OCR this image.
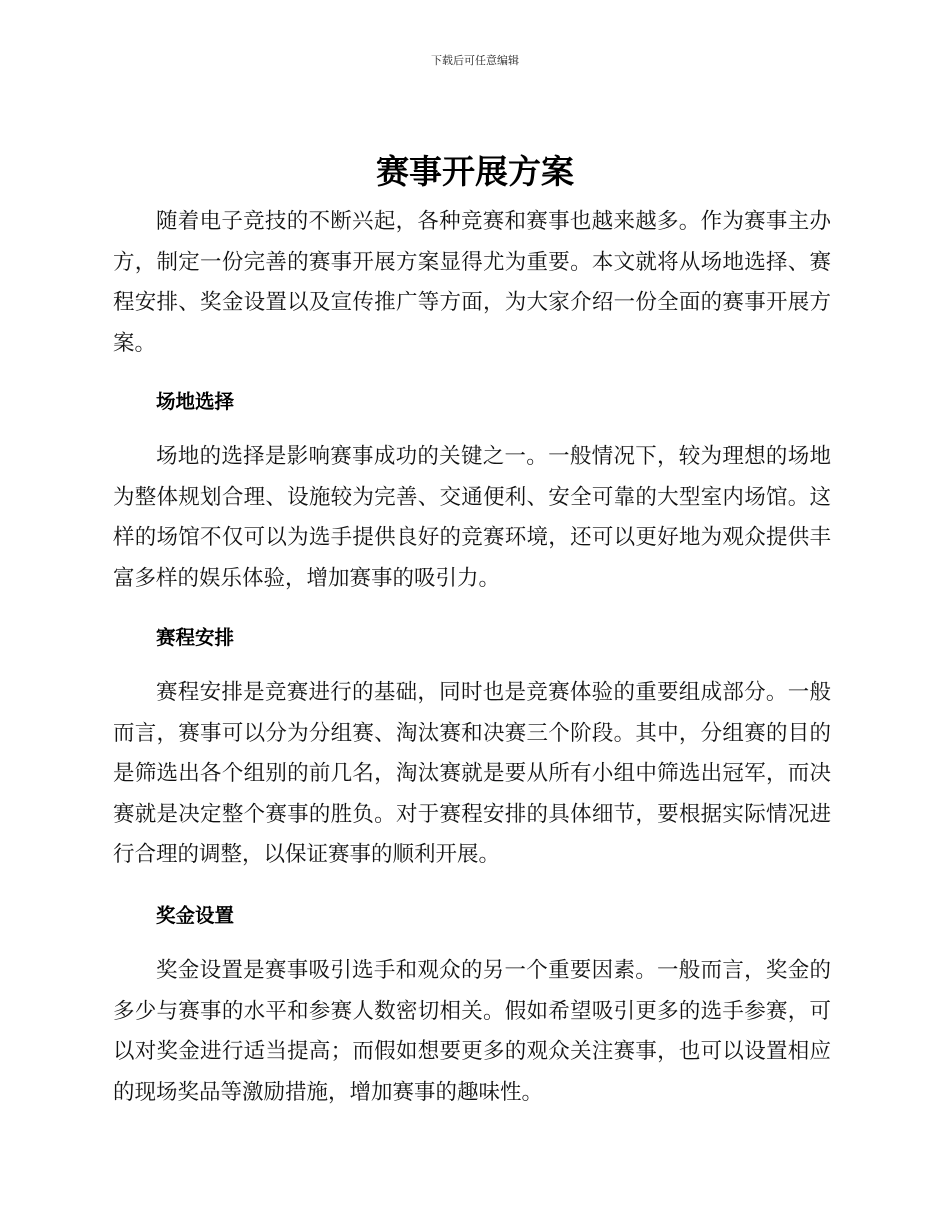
下载后可任意编辑
赛事开展方案

随着电子竞技的不断兴起，各种竞赛和赛事也越来越多。作为赛事主办方，制定一份完善的赛事开展方案显得尤为重要。本文就将从场地选择、赛程安排、奖金设置以及宣传推广等方面，为大家介绍一份全面的赛事开展方案。

场地选择

场地的选择是影响赛事成功的关键之一。一般情况下，较为理想的场地为整体规划合理、设施较为完善、交通便利、安全可靠的大型室内场馆。这样的场馆不仅可以为选手提供良好的竞赛环境，还可以更好地为观众提供丰富多样的娱乐体验，增加赛事的吸引力。

赛程安排

赛程安排是竞赛进行的基础，同时也是竞赛体验的重要组成部分。一般而言，赛事可以分为分组赛、淘汰赛和决赛三个阶段。其中，分组赛的目的是筛选出各个组别的前几名，淘汰赛就是要从所有小组中筛选出冠军，而决赛就是决定整个赛事的胜负。对于赛程安排的具体细节，要根据实际情况进行合理的调整，以保证赛事的顺利开展。

奖金设置

奖金设置是赛事吸引选手和观众的另一个重要因素。一般而言，奖金的多少与赛事的水平和参赛人数密切相关。假如希望吸引更多的选手参赛，可以对奖金进行适当提高；而假如想要更多的观众关注赛事，也可以设置相应的现场奖品等激励措施，增加赛事的趣味性。
